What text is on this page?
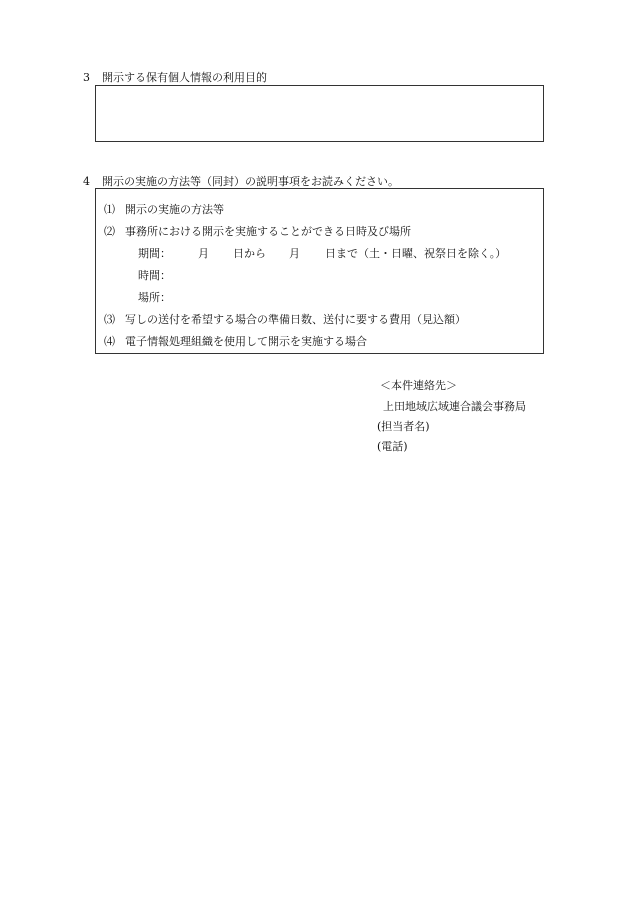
3 開示する保有個人情報の利用目的
4 開示の実施の方法等（同封）の説明事項をお読みください。
⑴ 開示の実施の方法等
⑵ 事務所における開示を実施することができる日時及び場所
期間： 月 日から 月 日まで（土・日曜、祝祭日を除く。）
時間：
場所：
⑶ 写しの送付を希望する場合の準備日数、送付に要する費用（見込額）
⑷ 電子情報処理組織を使用して開示を実施する場合
＜本件連絡先＞
上田地域広域連合議会事務局
(担当者名)
(電話)
